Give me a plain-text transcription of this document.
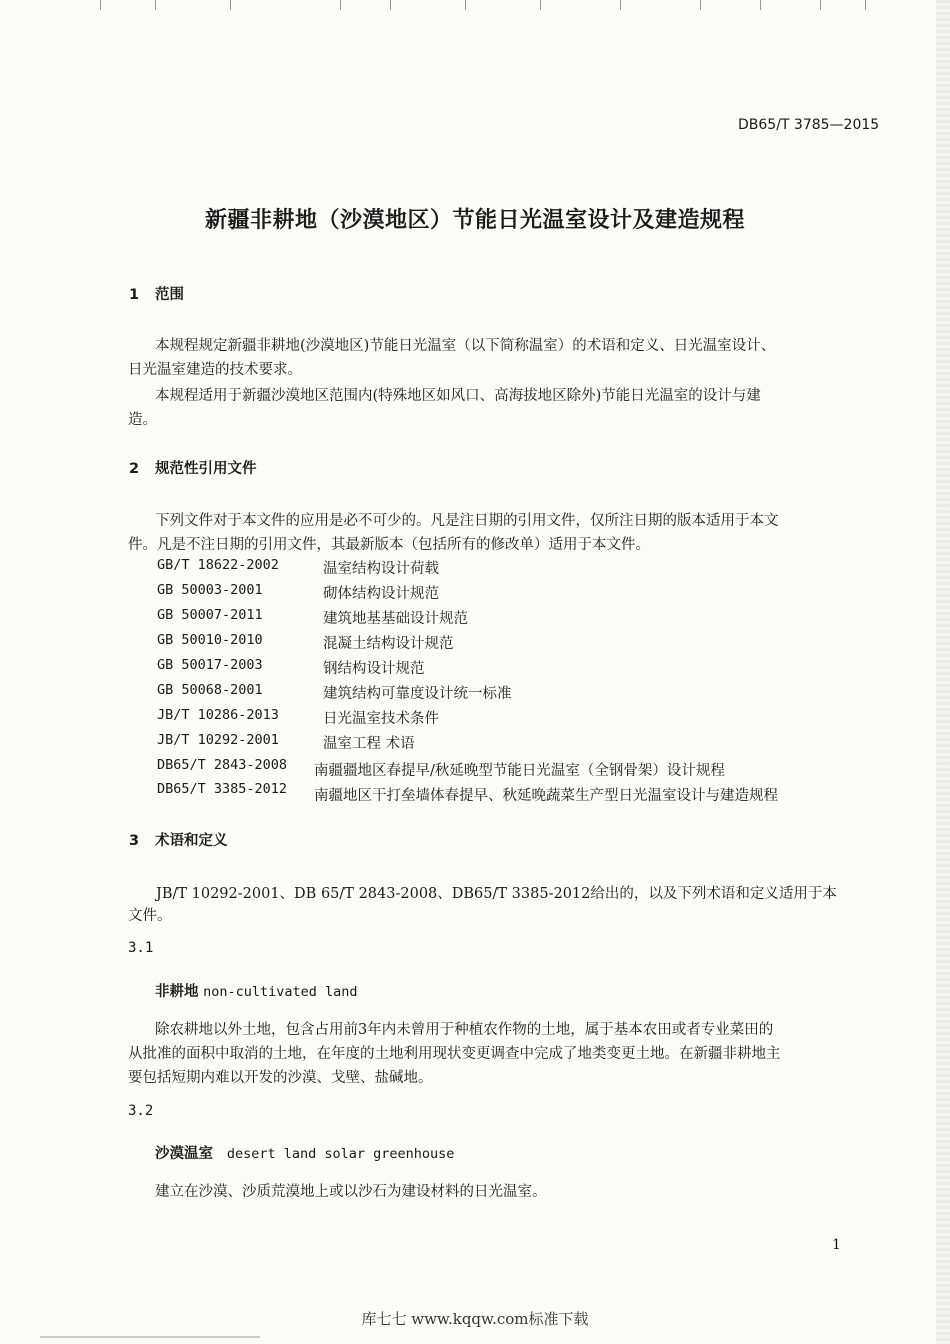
DB65/T 3785—2015
新疆非耕地（沙漠地区）节能日光温室设计及建造规程
1 范围
本规程规定新疆非耕地(沙漠地区)节能日光温室（以下简称温室）的术语和定义、日光温室设计、
日光温室建造的技术要求。
本规程适用于新疆沙漠地区范围内(特殊地区如风口、高海拔地区除外)节能日光温室的设计与建
造。
2 规范性引用文件
下列文件对于本文件的应用是必不可少的。凡是注日期的引用文件，仅所注日期的版本适用于本文
件。凡是不注日期的引用文件，其最新版本（包括所有的修改单）适用于本文件。
GB/T 18622-2002	温室结构设计荷载
GB 50003-2001	砌体结构设计规范
GB 50007-2011	建筑地基基础设计规范
GB 50010-2010	混凝土结构设计规范
GB 50017-2003	钢结构设计规范
GB 50068-2001	建筑结构可靠度设计统一标准
JB/T 10286-2013	日光温室技术条件
JB/T 10292-2001	温室工程 术语
DB65/T 2843-2008 南疆疆地区春提早/秋延晚型节能日光温室（全钢骨架）设计规程
DB65/T 3385-2012 南疆地区干打垒墙体春提早、秋延晚蔬菜生产型日光温室设计与建造规程
3 术语和定义
JB/T 10292-2001、DB 65/T 2843-2008、DB65/T 3385-2012给出的，以及下列术语和定义适用于本
文件。
3.1
非耕地 non-cultivated land
除农耕地以外土地，包含占用前3年内未曾用于种植农作物的土地，属于基本农田或者专业菜田的
从批准的面积中取消的土地，在年度的土地利用现状变更调查中完成了地类变更土地。在新疆非耕地主
要包括短期内难以开发的沙漠、戈壁、盐碱地。
3.2
沙漠温室 desert land solar greenhouse
建立在沙漠、沙质荒漠地上或以沙石为建设材料的日光温室。
1
库七七 www.kqqw.com标准下载
